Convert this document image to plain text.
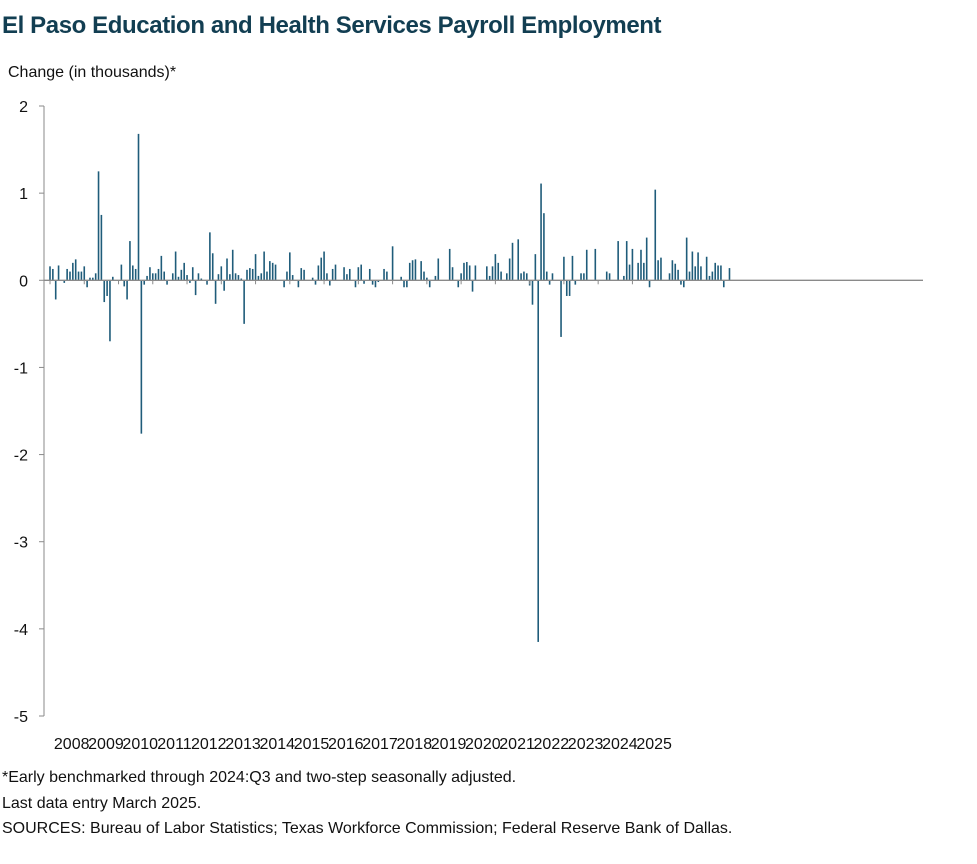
El Paso Education and Health Services Payroll Employment
Change (in thousands)*
2
1
0
-1
-2
-3
-4
-5
2008
2009
2010 2011 2012
2013
2014
2015
2016
2017
2018
2019
2020
2021
2022
2023
2024
2025
*Early benchmarked through 2024:Q3 and two-step seasonally adjusted.
Last data entry March 2025.
SOURCES: Bureau of Labor Statistics; Texas Workforce Commission; Federal Reserve Bank of Dallas.
